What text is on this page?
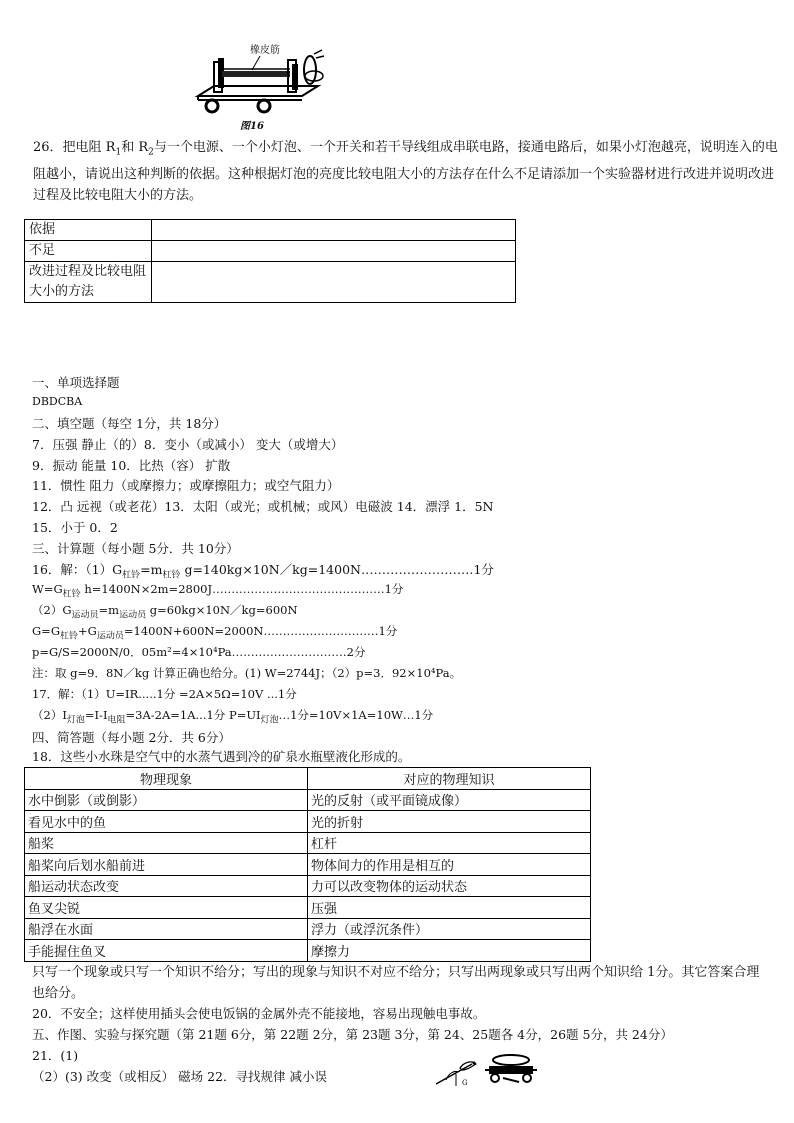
橡皮筋
图16
26．把电阻 $R_1$和 $R_2$与一个电源、一个小灯泡、一个开关和若干导线组成串联电路，接通电路后，如果小灯泡越亮，说明连入的电阻越小，请说出这种判断的依据。这种根据灯泡的亮度比较电阻大小的方法存在什么不足请添加一个实验器材进行改进并说明改进过程及比较电阻大小的方法。
依据	
不足	
改进过程及比较电阻大小的方法	
一、单项选择题
DBDCBA
二、填空题（每空 1分，共 18分）
7．压强 静止（的）8．变小（或减小） 变大（或增大）
9．振动 能量 10．比热（容） 扩散
11．惯性 阻力（或摩擦力；或摩擦阻力；或空气阻力）
12．凸 远视（或老花）13．太阳（或光；或机械；或风）电磁波 14．漂浮 1．5N
15．小于 0．2
三、计算题（每小题 5分．共 10分）
16．解：$(1)G_{杠铃}=m_{杠铃}$ g=140kg×10N／kg=1400N………………………1分
$W=G_{杠铃}$ h=1400N×2m=2800J………………………………………1分
$(2)G_{运动员}=m_{运动员}$ g=60kg×10N／kg=600N
$G=G_{杠铃}+G_{运动员}=1400N+600N=2000N\dots\dots\dots\dots\dots\dots\dots\dots\dots\dots 1$分
p=G/S=2000N/0．05m²=4×10⁴Pa…………………………2分
注：取 g=9．8N／kg 计算正确也给分。(1) W=2744J；（2）p=3．92×10⁴Pa。
17．解：（1）U=IR.....1分 =2A×5Ω=10V ...1分
$(2)I_{灯泡}=I-I_{电阻}=3A-2A=1A...1$分 $P=UI_{灯泡}\dots 1$分=10V×1A=10W…1分
四、简答题（每小题 2分．共 6分）
18．这些小水珠是空气中的水蒸气遇到冷的矿泉水瓶壁液化形成的。
物理现象	对应的物理知识
水中倒影（或倒影）	光的反射（或平面镜成像）
看见水中的鱼	光的折射
船桨	杠杆
船桨向后划水船前进	物体间力的作用是相互的
船运动状态改变	力可以改变物体的运动状态
鱼叉尖锐	压强
船浮在水面	浮力（或浮沉条件）
手能握住鱼叉	摩擦力
只写一个现象或只写一个知识不给分；写出的现象与知识不对应不给分；只写出两现象或只写出两个知识给 1分。其它答案合理也给分。
20．不安全；这样使用插头会使电饭锅的金属外壳不能接地，容易出现触电事故。
五、作图、实验与探究题（第 21题 6分，第 22题 2分，第 23题 3分，第 24、25题各 4分，26题 5分，共 24分）
21．(1)
（2）(3) 改变（或相反） 磁场 22．寻找规律 减小误	G
